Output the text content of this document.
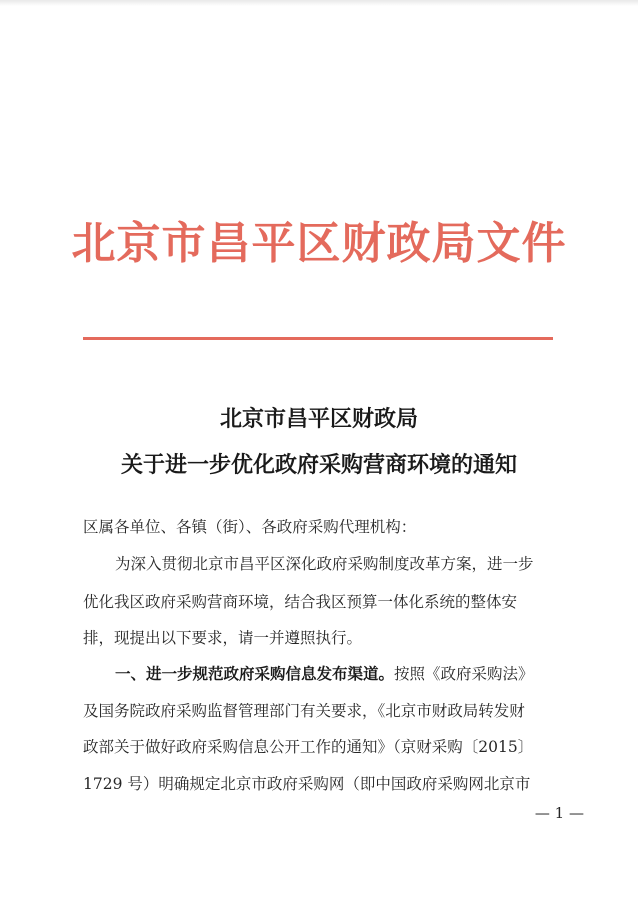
北京市昌平区财政局文件
北京市昌平区财政局
关于进一步优化政府采购营商环境的通知
区属各单位、各镇（街）、各政府采购代理机构：
为深入贯彻北京市昌平区深化政府采购制度改革方案，进一步
优化我区政府采购营商环境，结合我区预算一体化系统的整体安
排，现提出以下要求，请一并遵照执行。
一、进一步规范政府采购信息发布渠道。按照《政府采购法》
及国务院政府采购监督管理部门有关要求，《北京市财政局转发财
政部关于做好政府采购信息公开工作的通知》（京财采购〔2015〕
1729 号）明确规定北京市政府采购网（即中国政府采购网北京市
— 1 —
